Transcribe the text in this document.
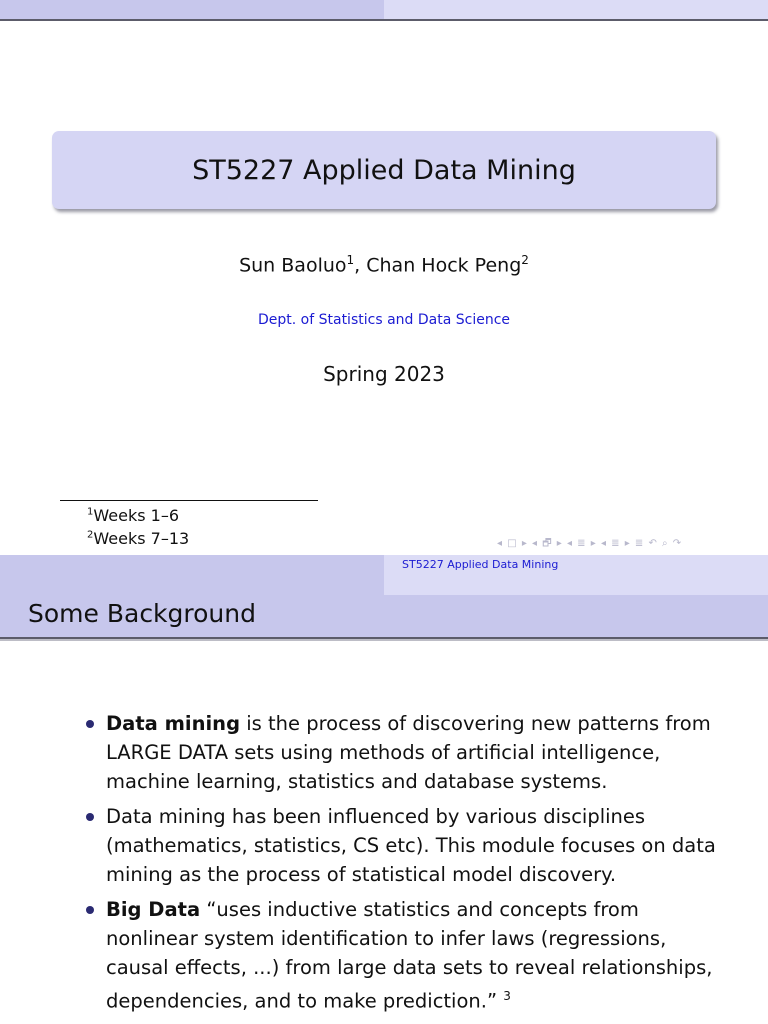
ST5227 Applied Data Mining
Sun Baoluo$^1$, Chan Hock Peng$^2$
Dept. of Statistics and Data Science
Spring 2023
$^1$Weeks 1–6
$^2$Weeks 7–13	◂ □ ▸ ◂ 🗗 ▸ ◂ ≣ ▸ ◂ ≣ ▸ ≣ ↶ ⌕ ↷
ST5227 Applied Data Mining
Some Background
Data mining is the process of discovering new patterns from LARGE DATA sets using methods of artificial intelligence, machine learning, statistics and database systems.
Data mining has been influenced by various disciplines (mathematics, statistics, CS etc). This module focuses on data mining as the process of statistical model discovery.
Big Data “uses inductive statistics and concepts from nonlinear system identification to infer laws (regressions, causal effects, ...) from large data sets to reveal relationships, dependencies, and to make prediction.” $^3$
